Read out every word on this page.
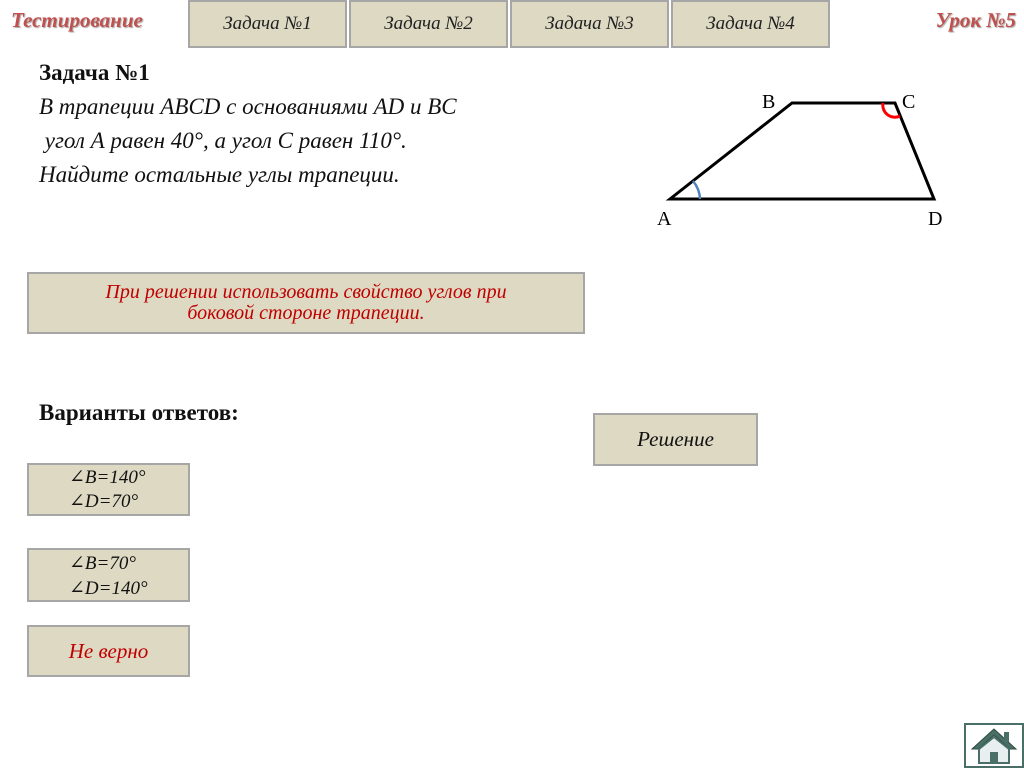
Тестирование	Урок №5
Задача №1	Задача №2	Задача №3	Задача №4
Задача №1
В трапеции ABCD с основаниями AD и BC
угол А равен 40°, а угол С равен 110°.
Найдите остальные углы трапеции.
B	C
A	D
При решении использовать свойство углов при
боковой стороне трапеции.
Варианты ответов:
∠B=140°
∠D=70°
∠B=70°
∠D=140°
Не верно
Решение
